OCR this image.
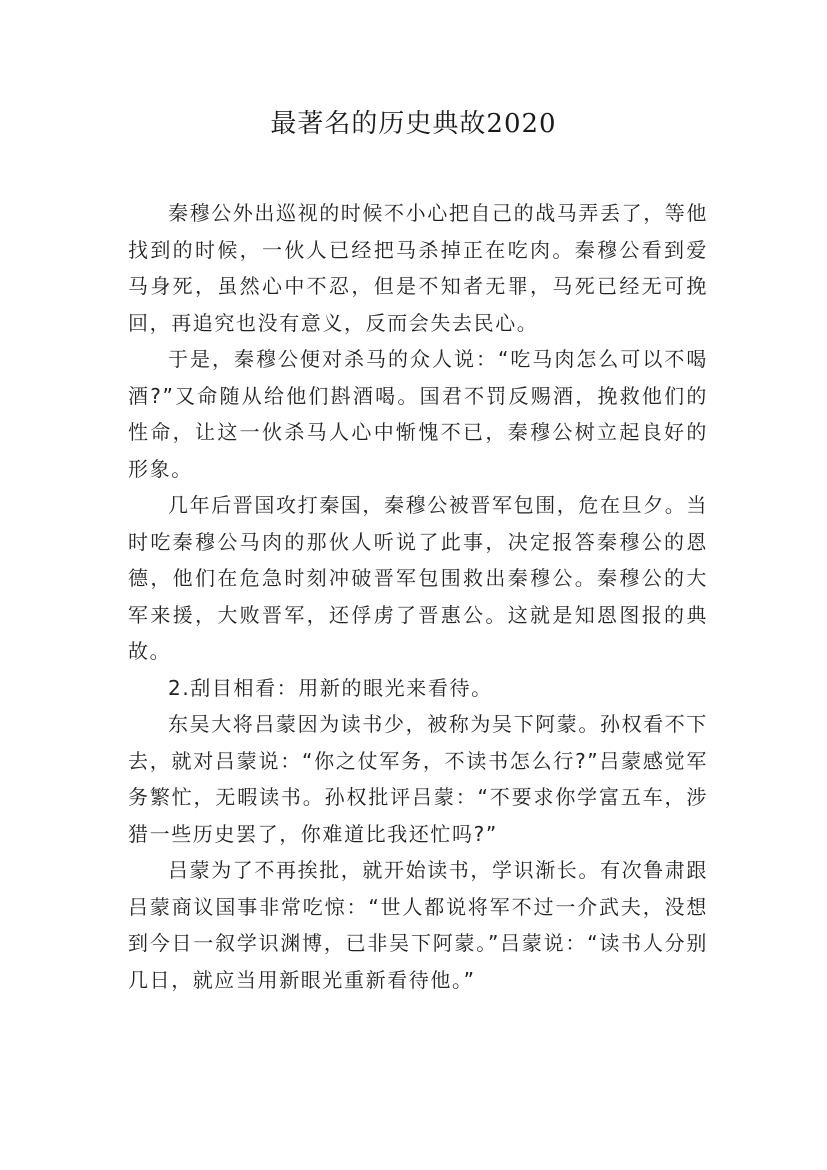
最著名的历史典故2020

秦穆公外出巡视的时候不小心把自己的战马弄丢了，等他找到的时候，一伙人已经把马杀掉正在吃肉。秦穆公看到爱马身死，虽然心中不忍，但是不知者无罪，马死已经无可挽回，再追究也没有意义，反而会失去民心。

于是，秦穆公便对杀马的众人说：“吃马肉怎么可以不喝酒?”又命随从给他们斟酒喝。国君不罚反赐酒，挽救他们的性命，让这一伙杀马人心中惭愧不已，秦穆公树立起良好的形象。

几年后晋国攻打秦国，秦穆公被晋军包围，危在旦夕。当时吃秦穆公马肉的那伙人听说了此事，决定报答秦穆公的恩德，他们在危急时刻冲破晋军包围救出秦穆公。秦穆公的大军来援，大败晋军，还俘虏了晋惠公。这就是知恩图报的典故。

2.刮目相看：用新的眼光来看待。

东吴大将吕蒙因为读书少，被称为吴下阿蒙。孙权看不下去，就对吕蒙说：“你之仗军务，不读书怎么行?”吕蒙感觉军务繁忙，无暇读书。孙权批评吕蒙：“不要求你学富五车，涉猎一些历史罢了，你难道比我还忙吗?”

吕蒙为了不再挨批，就开始读书，学识渐长。有次鲁肃跟吕蒙商议国事非常吃惊：“世人都说将军不过一介武夫，没想到今日一叙学识渊博，已非吴下阿蒙。”吕蒙说：“读书人分别几日，就应当用新眼光重新看待他。”
